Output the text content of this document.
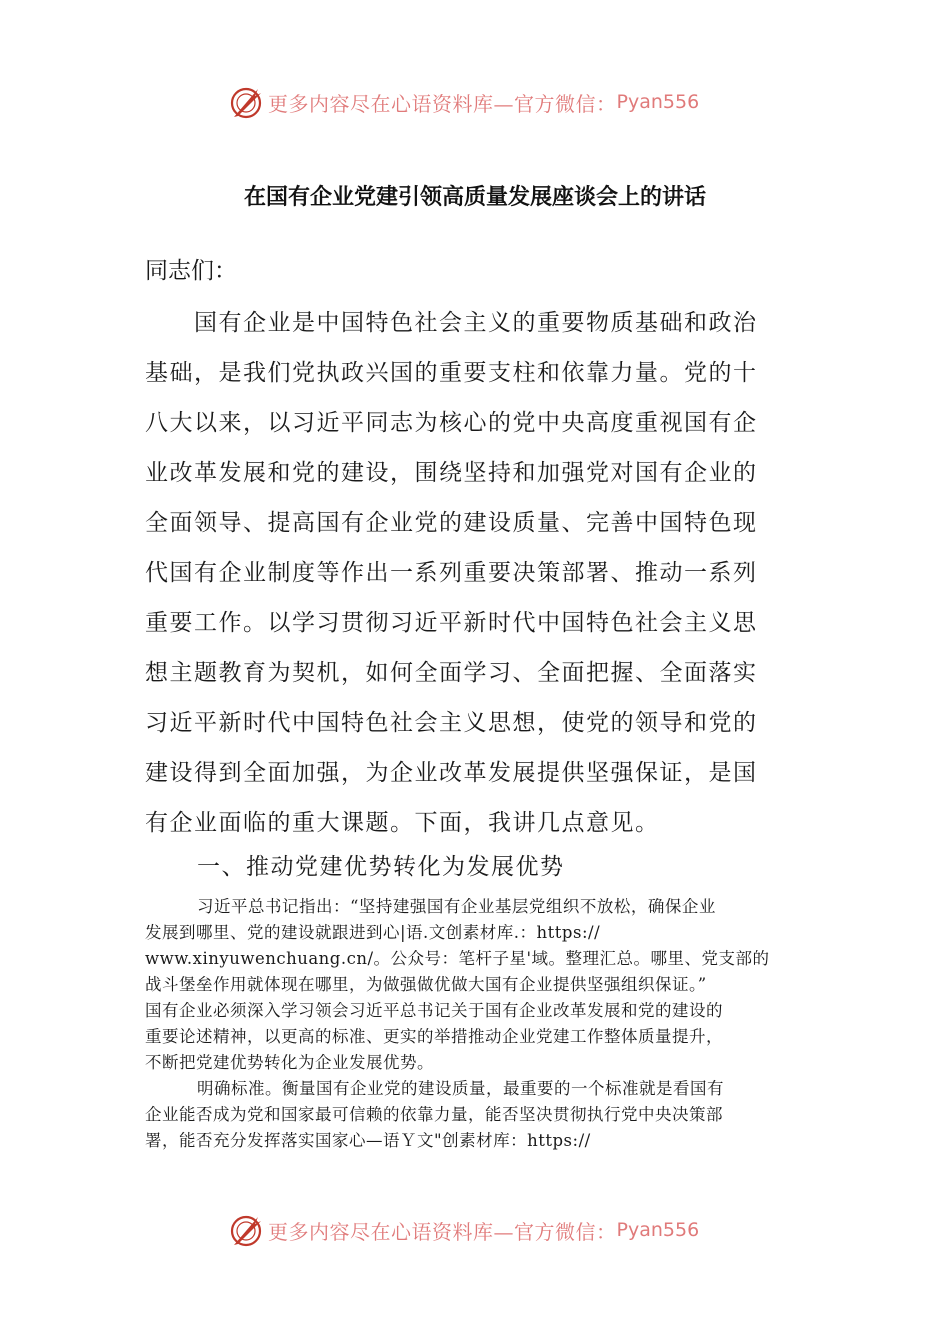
更多内容尽在心语资料库—官方微信： Pyan556
在国有企业党建引领高质量发展座谈会上的讲话
同志们：
　　国有企业是中国特色社会主义的重要物质基础和政治
基础，是我们党执政兴国的重要支柱和依靠力量。党的十
八大以来，以习近平同志为核心的党中央高度重视国有企
业改革发展和党的建设，围绕坚持和加强党对国有企业的
全面领导、提高国有企业党的建设质量、完善中国特色现
代国有企业制度等作出一系列重要决策部署、推动一系列
重要工作。以学习贯彻习近平新时代中国特色社会主义思
想主题教育为契机，如何全面学习、全面把握、全面落实
习近平新时代中国特色社会主义思想，使党的领导和党的
建设得到全面加强，为企业改革发展提供坚强保证，是国
有企业面临的重大课题。下面，我讲几点意见。
一、推动党建优势转化为发展优势
习近平总书记指出：“坚持建强国有企业基层党组织不放松，确保企业
发展到哪里、党的建设就跟进到心|语.文创素材库.：https://
www.xinyuwenchuang.cn/。公众号：笔杆子星'域。整理汇总。哪里、党支部的
战斗堡垒作用就体现在哪里，为做强做优做大国有企业提供坚强组织保证。”
国有企业必须深入学习领会习近平总书记关于国有企业改革发展和党的建设的
重要论述精神，以更高的标准、更实的举措推动企业党建工作整体质量提升，
不断把党建优势转化为企业发展优势。
明确标准。衡量国有企业党的建设质量，最重要的一个标准就是看国有
企业能否成为党和国家最可信赖的依靠力量，能否坚决贯彻执行党中央决策部
署，能否充分发挥落实国家心—语Ｙ文"创素材库：https://
更多内容尽在心语资料库—官方微信： Pyan556
